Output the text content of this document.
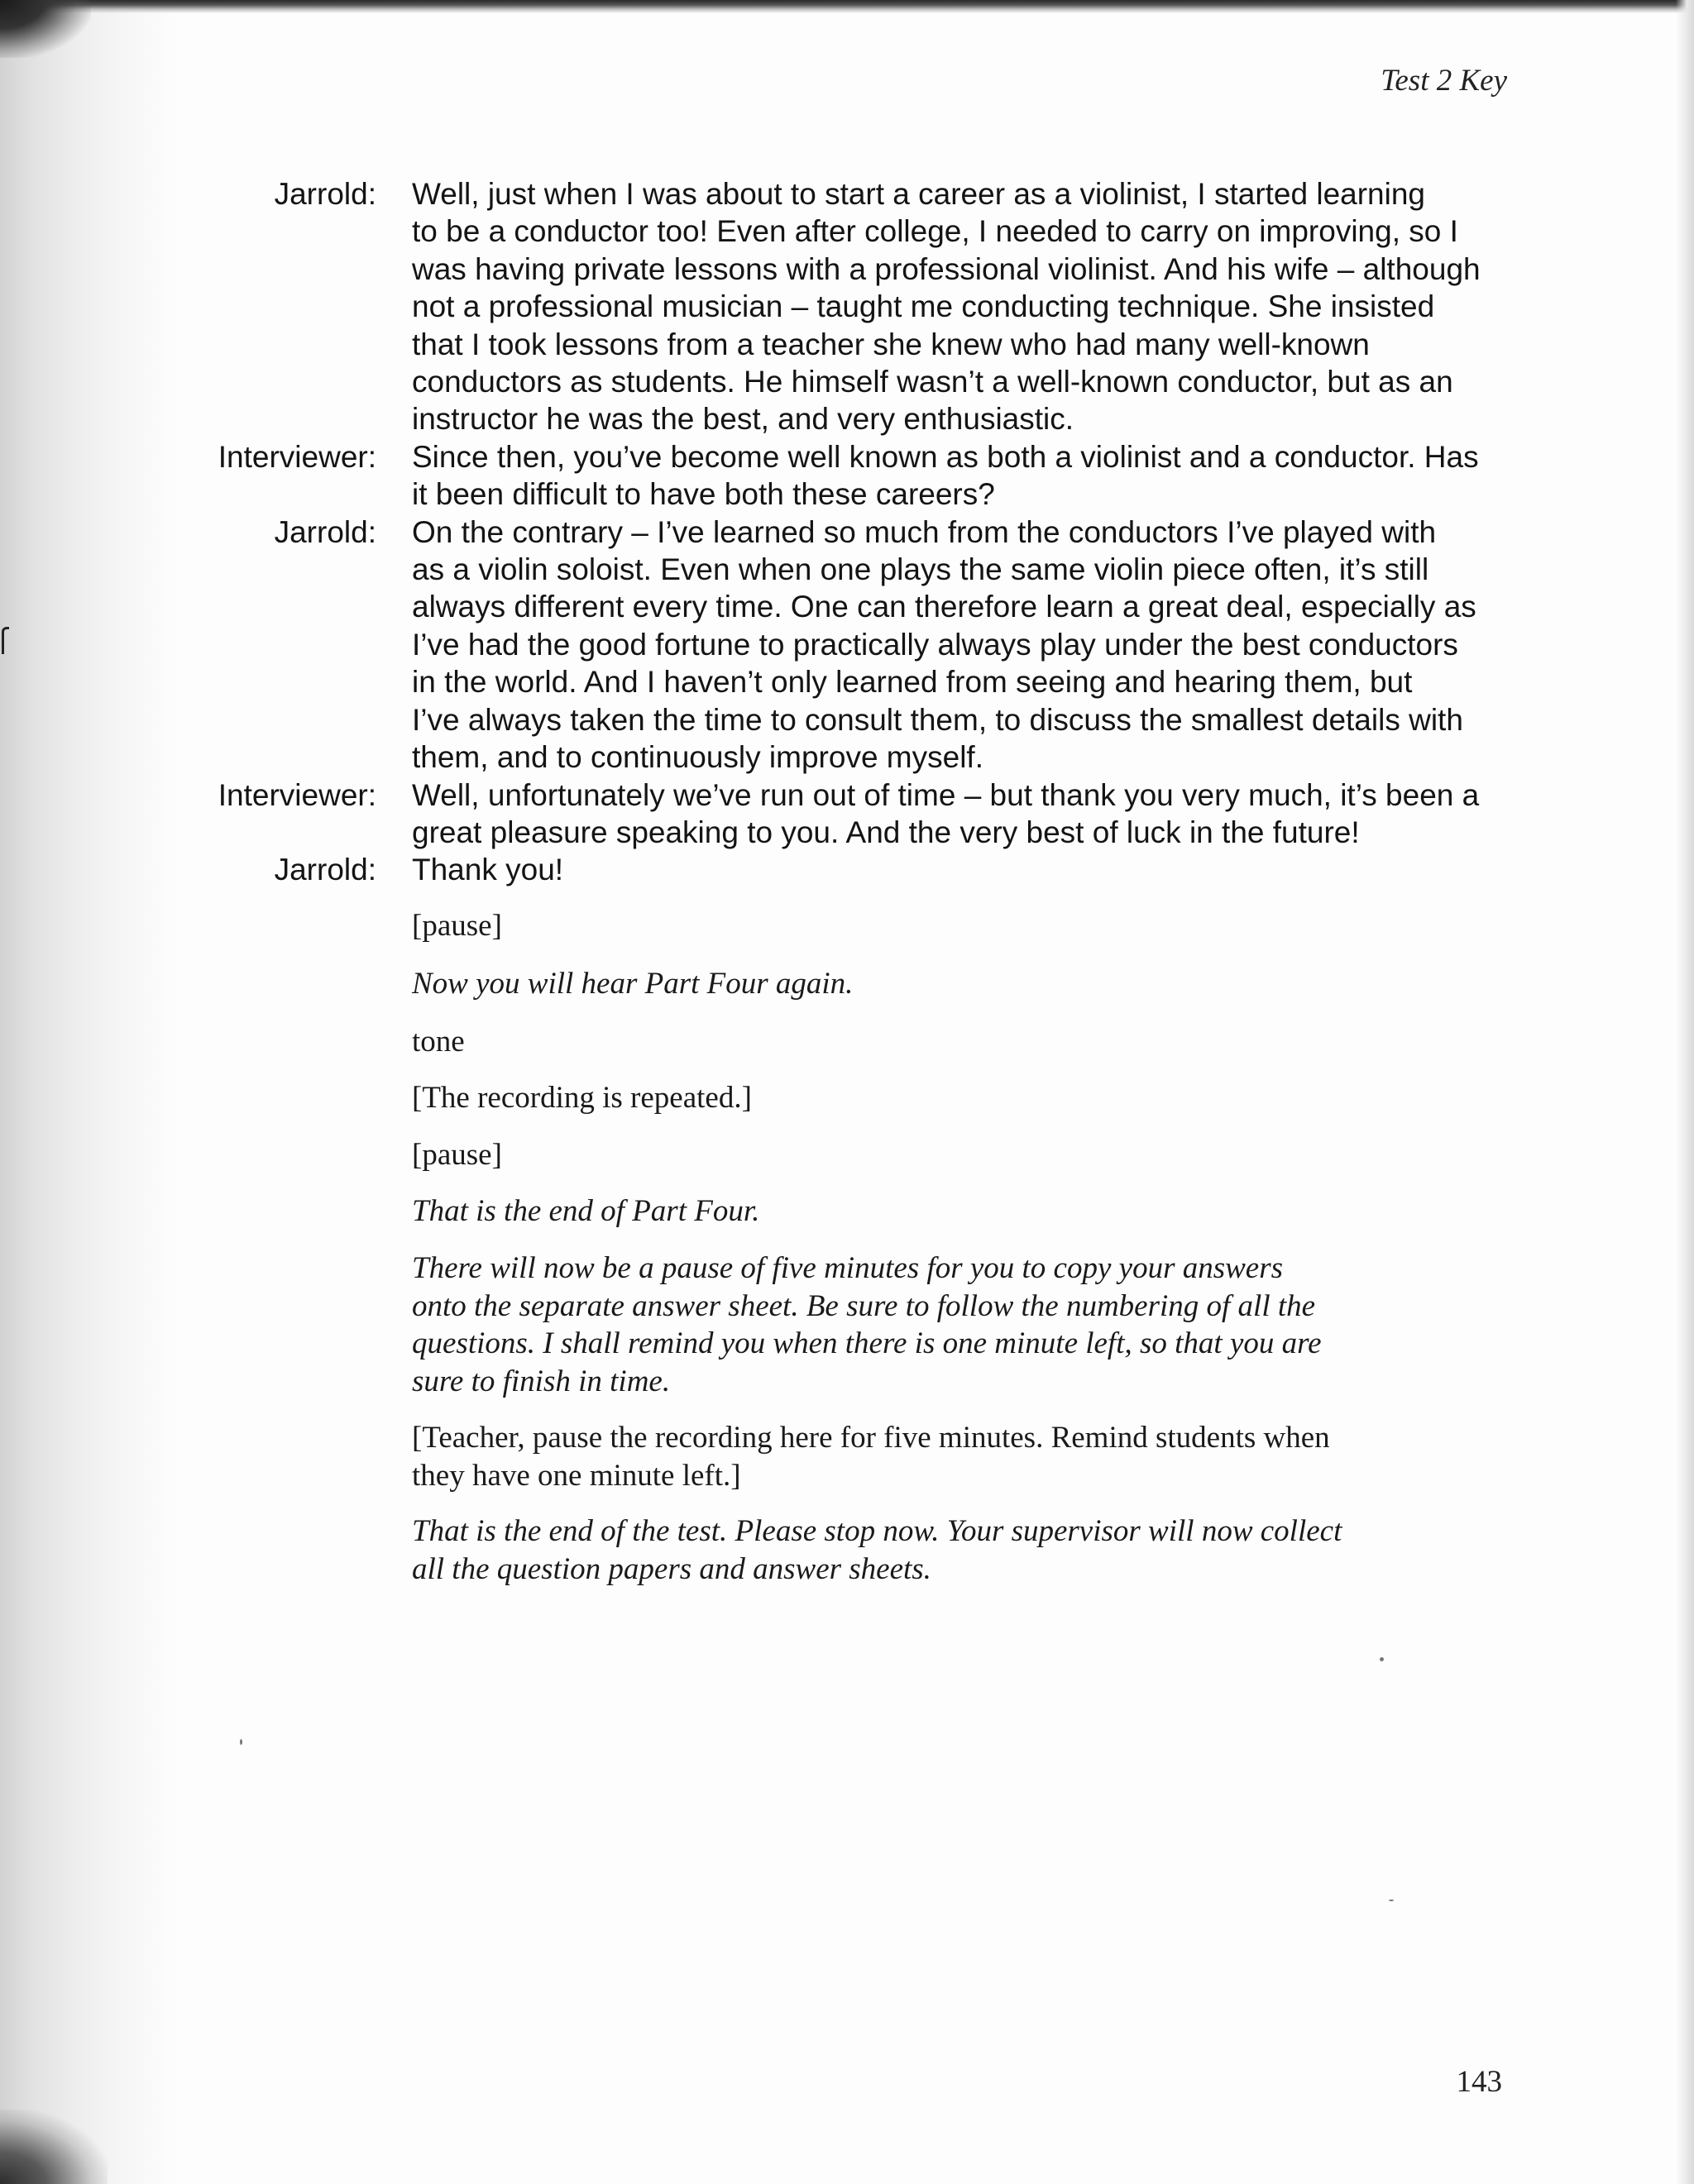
Test 2 Key
Jarrold: Well, just when I was about to start a career as a violinist, I started learning
to be a conductor too! Even after college, I needed to carry on improving, so I
was having private lessons with a professional violinist. And his wife – although
not a professional musician – taught me conducting technique. She insisted
that I took lessons from a teacher she knew who had many well-known
conductors as students. He himself wasn’t a well-known conductor, but as an
instructor he was the best, and very enthusiastic.
Interviewer: Since then, you’ve become well known as both a violinist and a conductor. Has
it been difficult to have both these careers?
Jarrold: On the contrary – I’ve learned so much from the conductors I’ve played with
as a violin soloist. Even when one plays the same violin piece often, it’s still
always different every time. One can therefore learn a great deal, especially as
I’ve had the good fortune to practically always play under the best conductors
in the world. And I haven’t only learned from seeing and hearing them, but
I’ve always taken the time to consult them, to discuss the smallest details with
them, and to continuously improve myself.
Interviewer: Well, unfortunately we’ve run out of time – but thank you very much, it’s been a
great pleasure speaking to you. And the very best of luck in the future!
Jarrold: Thank you!
[pause]
Now you will hear Part Four again.
tone
[The recording is repeated.]
[pause]
That is the end of Part Four.
There will now be a pause of five minutes for you to copy your answers
onto the separate answer sheet. Be sure to follow the numbering of all the
questions. I shall remind you when there is one minute left, so that you are
sure to finish in time.
[Teacher, pause the recording here for five minutes. Remind students when
they have one minute left.]
That is the end of the test. Please stop now. Your supervisor will now collect
all the question papers and answer sheets.
143
